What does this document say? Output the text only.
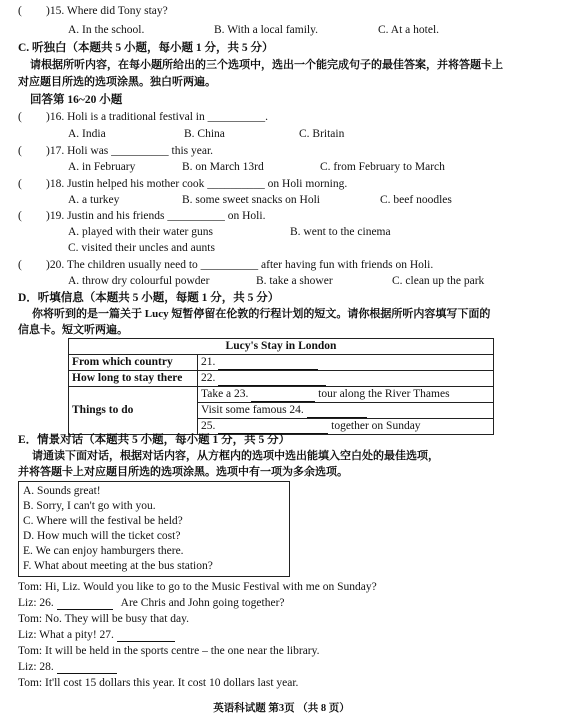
( )15. Where did Tony stay?
A. In the school.	B. With a local family.	C. At a hotel.
C. 听独白（本题共 5 小题，每小题 1 分，共 5 分）
请根据所听内容，在每小题所给出的三个选项中，选出一个能完成句子的最佳答案，并将答题卡上
对应题目所选的选项涂黑。独白听两遍。
回答第 16~20 小题
( )16. Holi is a traditional festival in __________.
A. India	B. China	C. Britain
( )17. Holi was __________ this year.
A. in February	B. on March 13rd	C. from February to March
( )18. Justin helped his mother cook __________ on Holi morning.
A. a turkey	B. some sweet snacks on Holi	C. beef noodles
( )19. Justin and his friends __________ on Holi.
A. played with their water guns	B. went to the cinema
C. visited their uncles and aunts
( )20. The children usually need to __________ after having fun with friends on Holi.
A. throw dry colourful powder	B. take a shower	C. clean up the park
D．听填信息（本题共 5 小题，每题 1 分，共 5 分）
你将听到的是一篇关于 Lucy 短暂停留在伦敦的行程计划的短文。请你根据所听内容填写下面的
信息卡。短文听两遍。
Lucy's Stay in London	
From which country	21.
How long to stay there	22.
Things to do	Take a 23. tour along the River Thames
	Visit some famous 24.
	25. together on Sunday
E．情景对话（本题共 5 小题，每小题 1 分，共 5 分）
请通读下面对话，根据对话内容，从方框内的选项中选出能填入空白处的最佳选项，
并将答题卡上对应题目所选的选项涂黑。选项中有一项为多余选项。
A. Sounds great!
B. Sorry, I can't go with you.
C. Where will the festival be held?
D. How much will the ticket cost?
E. We can enjoy hamburgers there.
F. What about meeting at the bus station?
Tom: Hi, Liz. Would you like to go to the Music Festival with me on Sunday?
Liz: 26.	Are Chris and John going together?
Tom: No. They will be busy that day.
Liz: What a pity! 27.
Tom: It will be held in the sports centre – the one near the library.
Liz: 28.
Tom: It'll cost 15 dollars this year. It cost 10 dollars last year.
英语科试题 第3页 （共 8 页）
